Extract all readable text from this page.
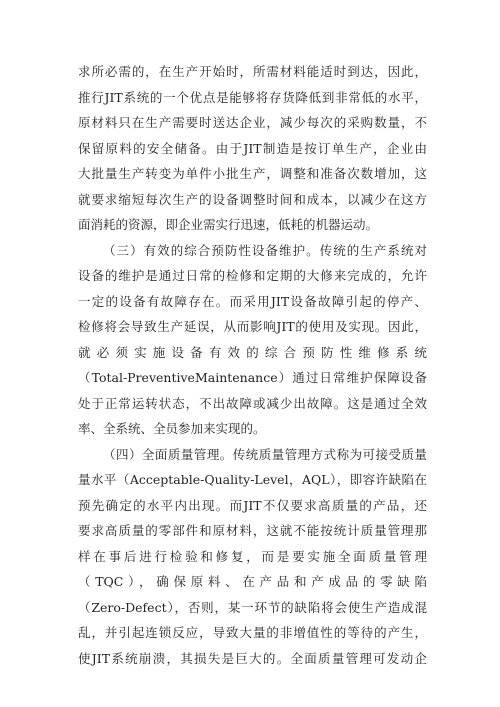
求所必需的，在生产开始时，所需材料能适时到达，因此，
推行JIT系统的一个优点是能够将存货降低到非常低的水平，
原材料只在生产需要时送达企业，减少每次的采购数量，不
保留原料的安全储备。由于JIT制造是按订单生产，企业由
大批量生产转变为单件小批生产，调整和准备次数增加，这
就要求缩短每次生产的设备调整时间和成本，以减少在这方
面消耗的资源，即企业需实行迅速，低耗的机器运动。
（三）有效的综合预防性设备维护。传统的生产系统对
设备的维护是通过日常的检修和定期的大修来完成的，允许
一定的设备有故障存在。而采用JIT设备故障引起的停产、
检修将会导致生产延误，从而影响JIT的使用及实现。因此，
就必须实施设备有效的综合预防性维修系统
（Total-PreventiveMaintenance）通过日常维护保障设备
处于正常运转状态，不出故障或减少出故障。这是通过全效
率、全系统、全员参加来实现的。
（四）全面质量管理。传统质量管理方式称为可接受质量
量水平（Acceptable-Quality-Level，AQL），即容许缺陷在
预先确定的水平内出现。而JIT不仅要求高质量的产品，还
要求高质量的零部件和原材料，这就不能按统计质量管理那
样在事后进行检验和修复，而是要实施全面质量管理
（TQC），确保原料、在产品和产成品的零缺陷
（Zero-Defect），否则，某一环节的缺陷将会使生产造成混
乱，并引起连锁反应，导致大量的非增值性的等待的产生，
使JIT系统崩溃，其损失是巨大的。全面质量管理可发动企
